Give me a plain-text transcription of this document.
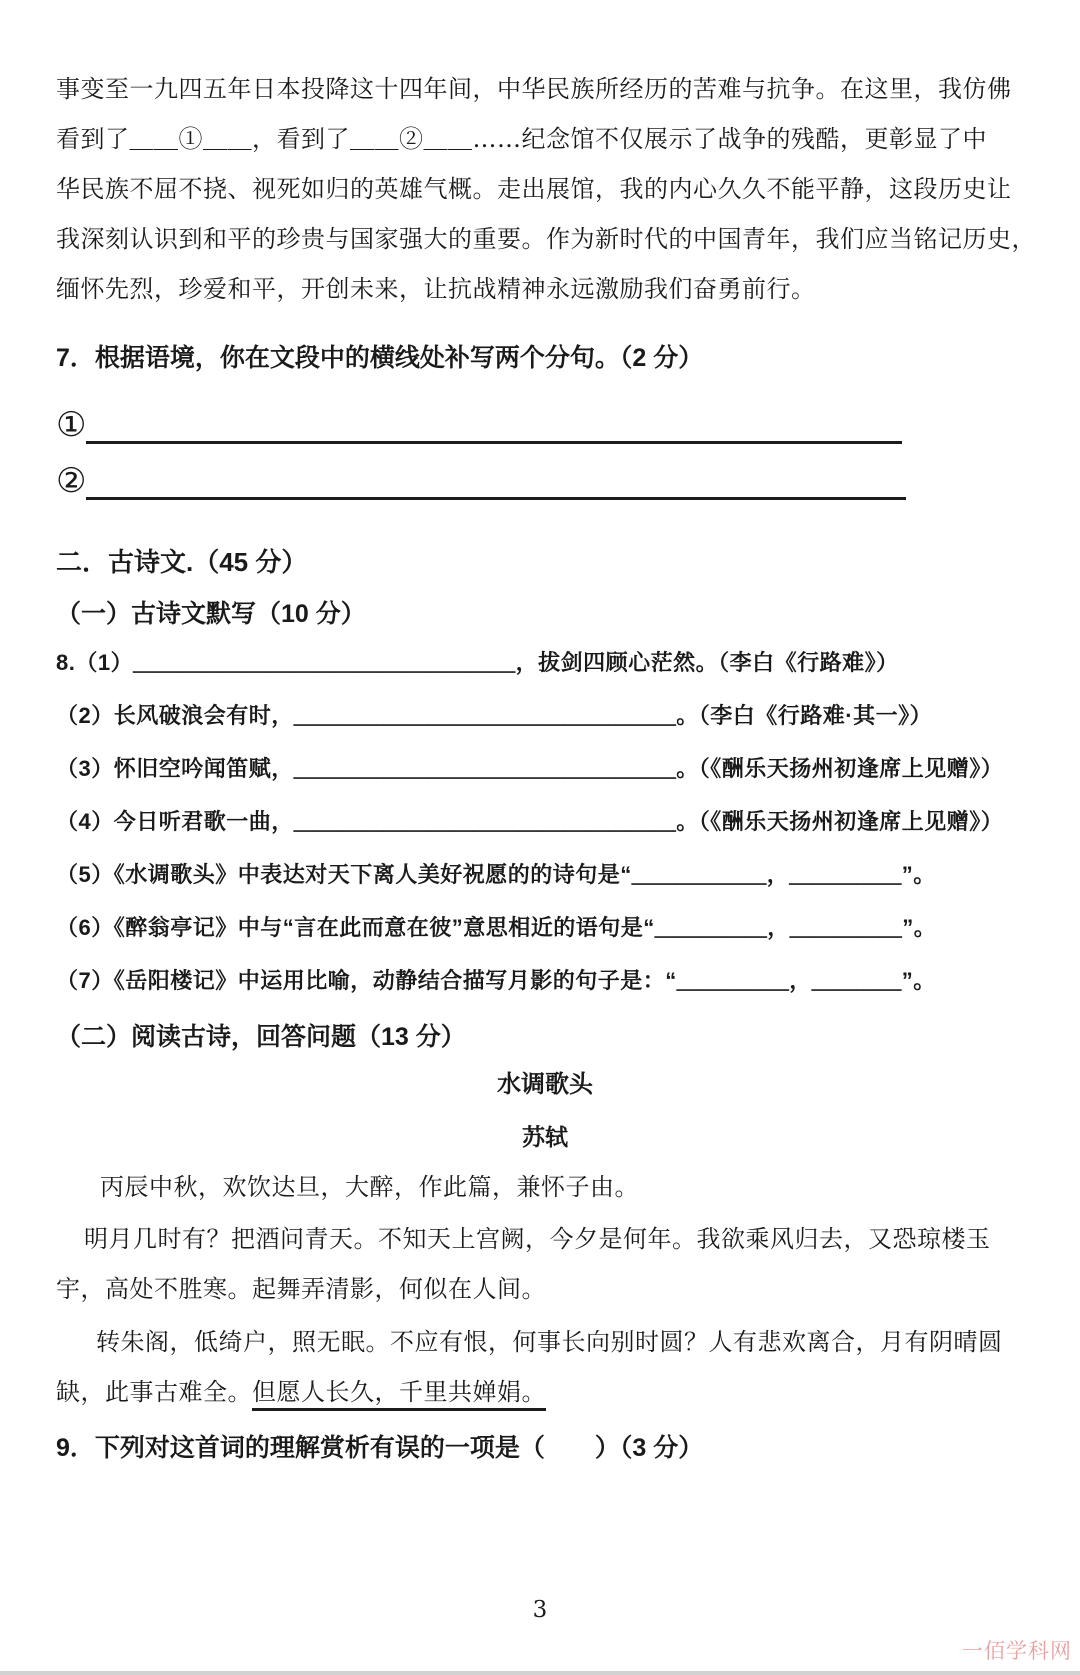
事变至一九四五年日本投降这十四年间，中华民族所经历的苦难与抗争。在这里，我仿佛
看到了＿＿①＿＿，看到了＿＿②＿＿……纪念馆不仅展示了战争的残酷，更彰显了中
华民族不屈不挠、视死如归的英雄气概。走出展馆，我的内心久久不能平静，这段历史让
我深刻认识到和平的珍贵与国家强大的重要。作为新时代的中国青年，我们应当铭记历史，
缅怀先烈，珍爱和平，开创未来，让抗战精神永远激励我们奋勇前行。
7．根据语境，你在文段中的横线处补写两个分句。（2 分）
①
②
二．古诗文.（45 分）
（一）古诗文默写（10 分）
8.（1）＿＿＿＿＿＿＿＿＿＿＿＿＿＿＿＿＿，拔剑四顾心茫然。（李白《行路难》）
（2）长风破浪会有时，＿＿＿＿＿＿＿＿＿＿＿＿＿＿＿＿＿。（李白《行路难·其一》）
（3）怀旧空吟闻笛赋，＿＿＿＿＿＿＿＿＿＿＿＿＿＿＿＿＿。（《酬乐天扬州初逢席上见赠》）
（4）今日听君歌一曲，＿＿＿＿＿＿＿＿＿＿＿＿＿＿＿＿＿。（《酬乐天扬州初逢席上见赠》）
（5）《水调歌头》中表达对天下离人美好祝愿的的诗句是“＿＿＿＿＿＿，＿＿＿＿＿”。
（6）《醉翁亭记》中与“言在此而意在彼”意思相近的语句是“＿＿＿＿＿，＿＿＿＿＿”。
（7）《岳阳楼记》中运用比喻，动静结合描写月影的句子是：“＿＿＿＿＿，＿＿＿＿”。
（二）阅读古诗，回答问题（13 分）
水调歌头
苏轼
丙辰中秋，欢饮达旦，大醉，作此篇，兼怀子由。
明月几时有？把酒问青天。不知天上宫阙，今夕是何年。我欲乘风归去，又恐琼楼玉
宇，高处不胜寒。起舞弄清影，何似在人间。
转朱阁，低绮户，照无眠。不应有恨，何事长向别时圆？人有悲欢离合，月有阴晴圆
缺，此事古难全。但愿人长久，千里共婵娟。
9．下列对这首词的理解赏析有误的一项是（　　）（3 分）
3
一佰学科网
